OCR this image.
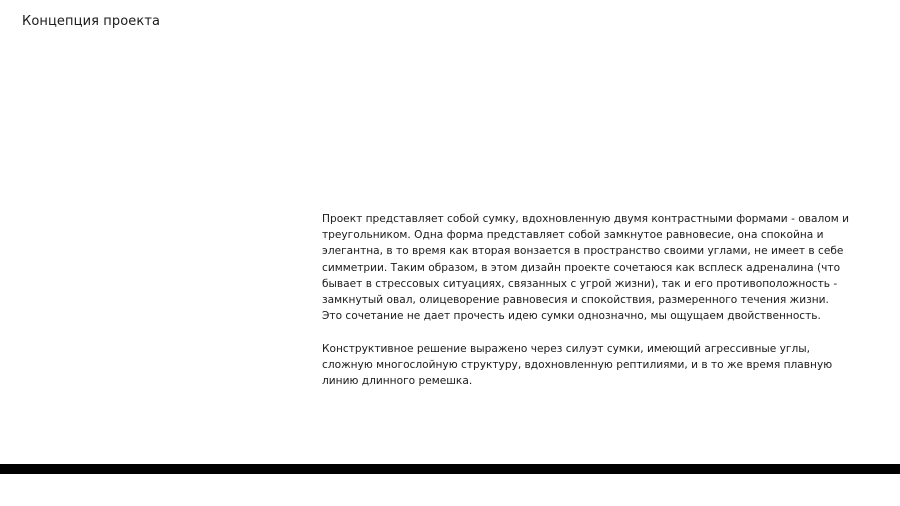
Концепция проекта
Проект представляет собой сумку, вдохновленную двумя контрастными формами - овалом и
треугольником. Одна форма представляет собой замкнутое равновесие, она спокойна и
элегантна, в то время как вторая вонзается в пространство своими углами, не имеет в себе
симметрии. Таким образом, в этом дизайн проекте сочетаюся как всплеск адреналина (что
бывает в стрессовых ситуациях, связанных с угрой жизни), так и его противоположность -
замкнутый овал, олицеворение равновесия и спокойствия, размеренного течения жизни.
Это сочетание не дает прочесть идею сумки однозначно, мы ощущаем двойственность.
Конструктивное решение выражено через силуэт сумки, имеющий агрессивные углы,
сложную многослойную структуру, вдохновленную рептилиями, и в то же время плавную
линию длинного ремешка.
